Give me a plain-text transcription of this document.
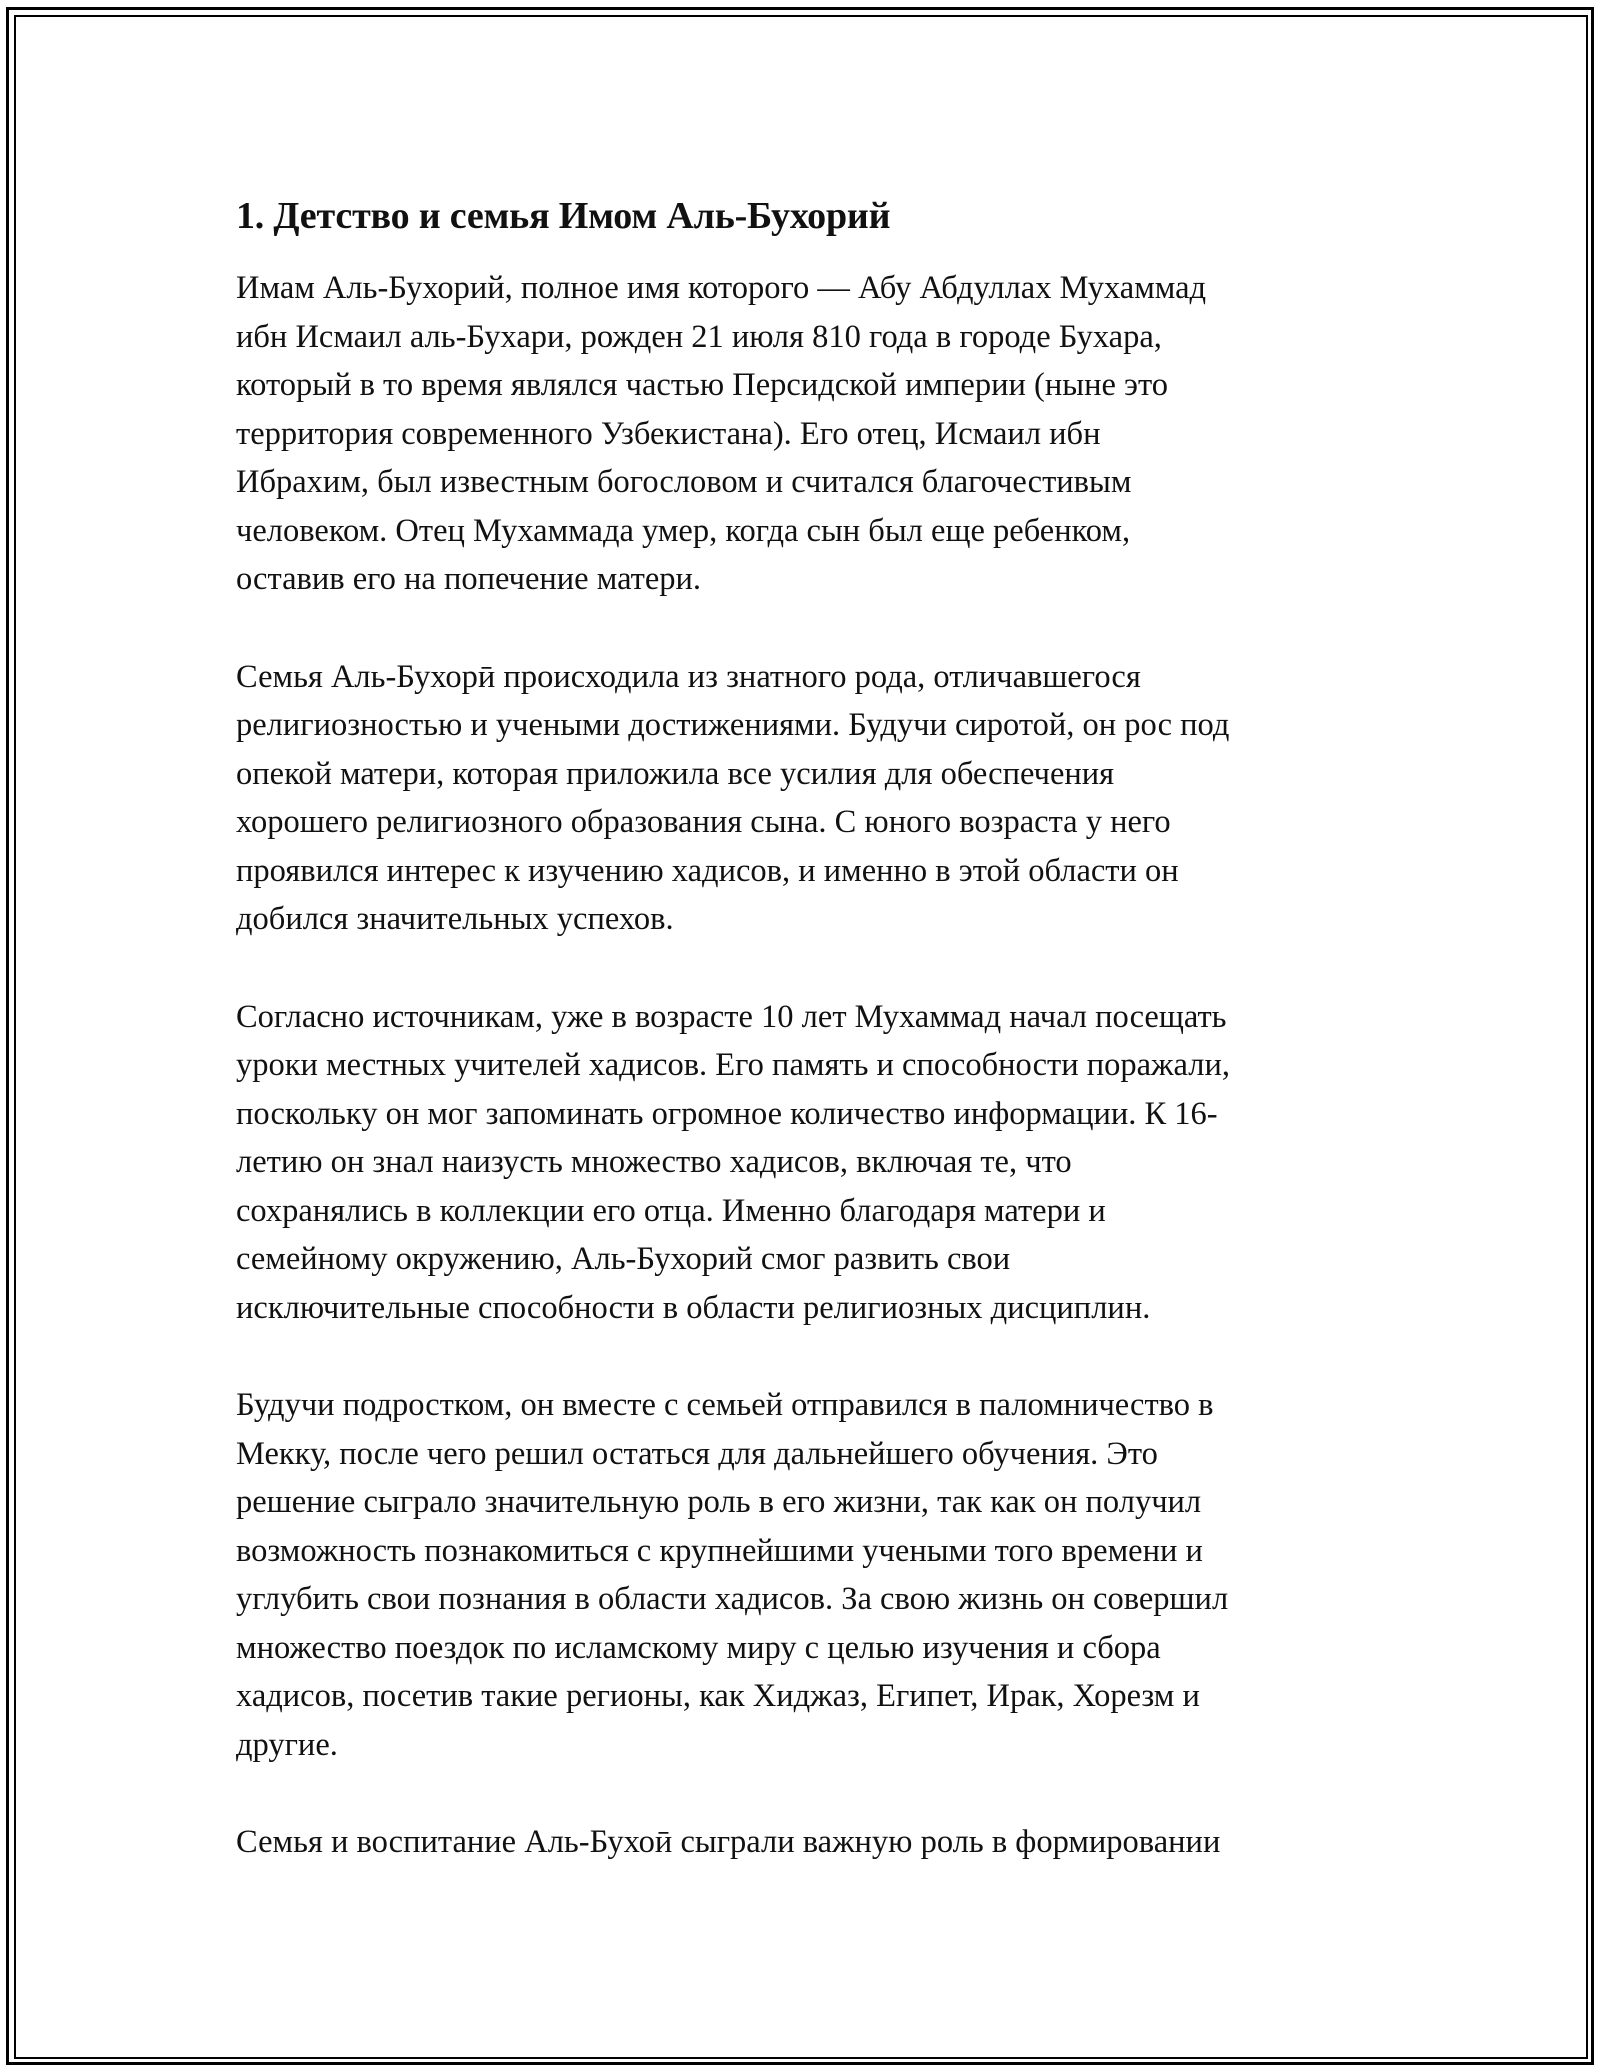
1. Детство и семья Имом Аль-Бухорий

Имам Аль-Бухорий, полное имя которого — Абу Абдуллах Мухаммад
ибн Исмаил аль-Бухари, рожден 21 июля 810 года в городе Бухара,
который в то время являлся частью Персидской империи (ныне это
территория современного Узбекистана). Его отец, Исмаил ибн
Ибрахим, был известным богословом и считался благочестивым
человеком. Отец Мухаммада умер, когда сын был еще ребенком,
оставив его на попечение матери.

Семья Аль-Бухорӣ происходила из знатного рода, отличавшегося
религиозностью и учеными достижениями. Будучи сиротой, он рос под
опекой матери, которая приложила все усилия для обеспечения
хорошего религиозного образования сына. С юного возраста у него
проявился интерес к изучению хадисов, и именно в этой области он
добился значительных успехов.

Согласно источникам, уже в возрасте 10 лет Мухаммад начал посещать
уроки местных учителей хадисов. Его память и способности поражали,
поскольку он мог запоминать огромное количество информации. К 16-
летию он знал наизусть множество хадисов, включая те, что
сохранялись в коллекции его отца. Именно благодаря матери и
семейному окружению, Аль-Бухорий смог развить свои
исключительные способности в области религиозных дисциплин.

Будучи подростком, он вместе с семьей отправился в паломничество в
Мекку, после чего решил остаться для дальнейшего обучения. Это
решение сыграло значительную роль в его жизни, так как он получил
возможность познакомиться с крупнейшими учеными того времени и
углубить свои познания в области хадисов. За свою жизнь он совершил
множество поездок по исламскому миру с целью изучения и сбора
хадисов, посетив такие регионы, как Хиджаз, Египет, Ирак, Хорезм и
другие.

Семья и воспитание Аль-Бухоӣ сыграли важную роль в формировании
